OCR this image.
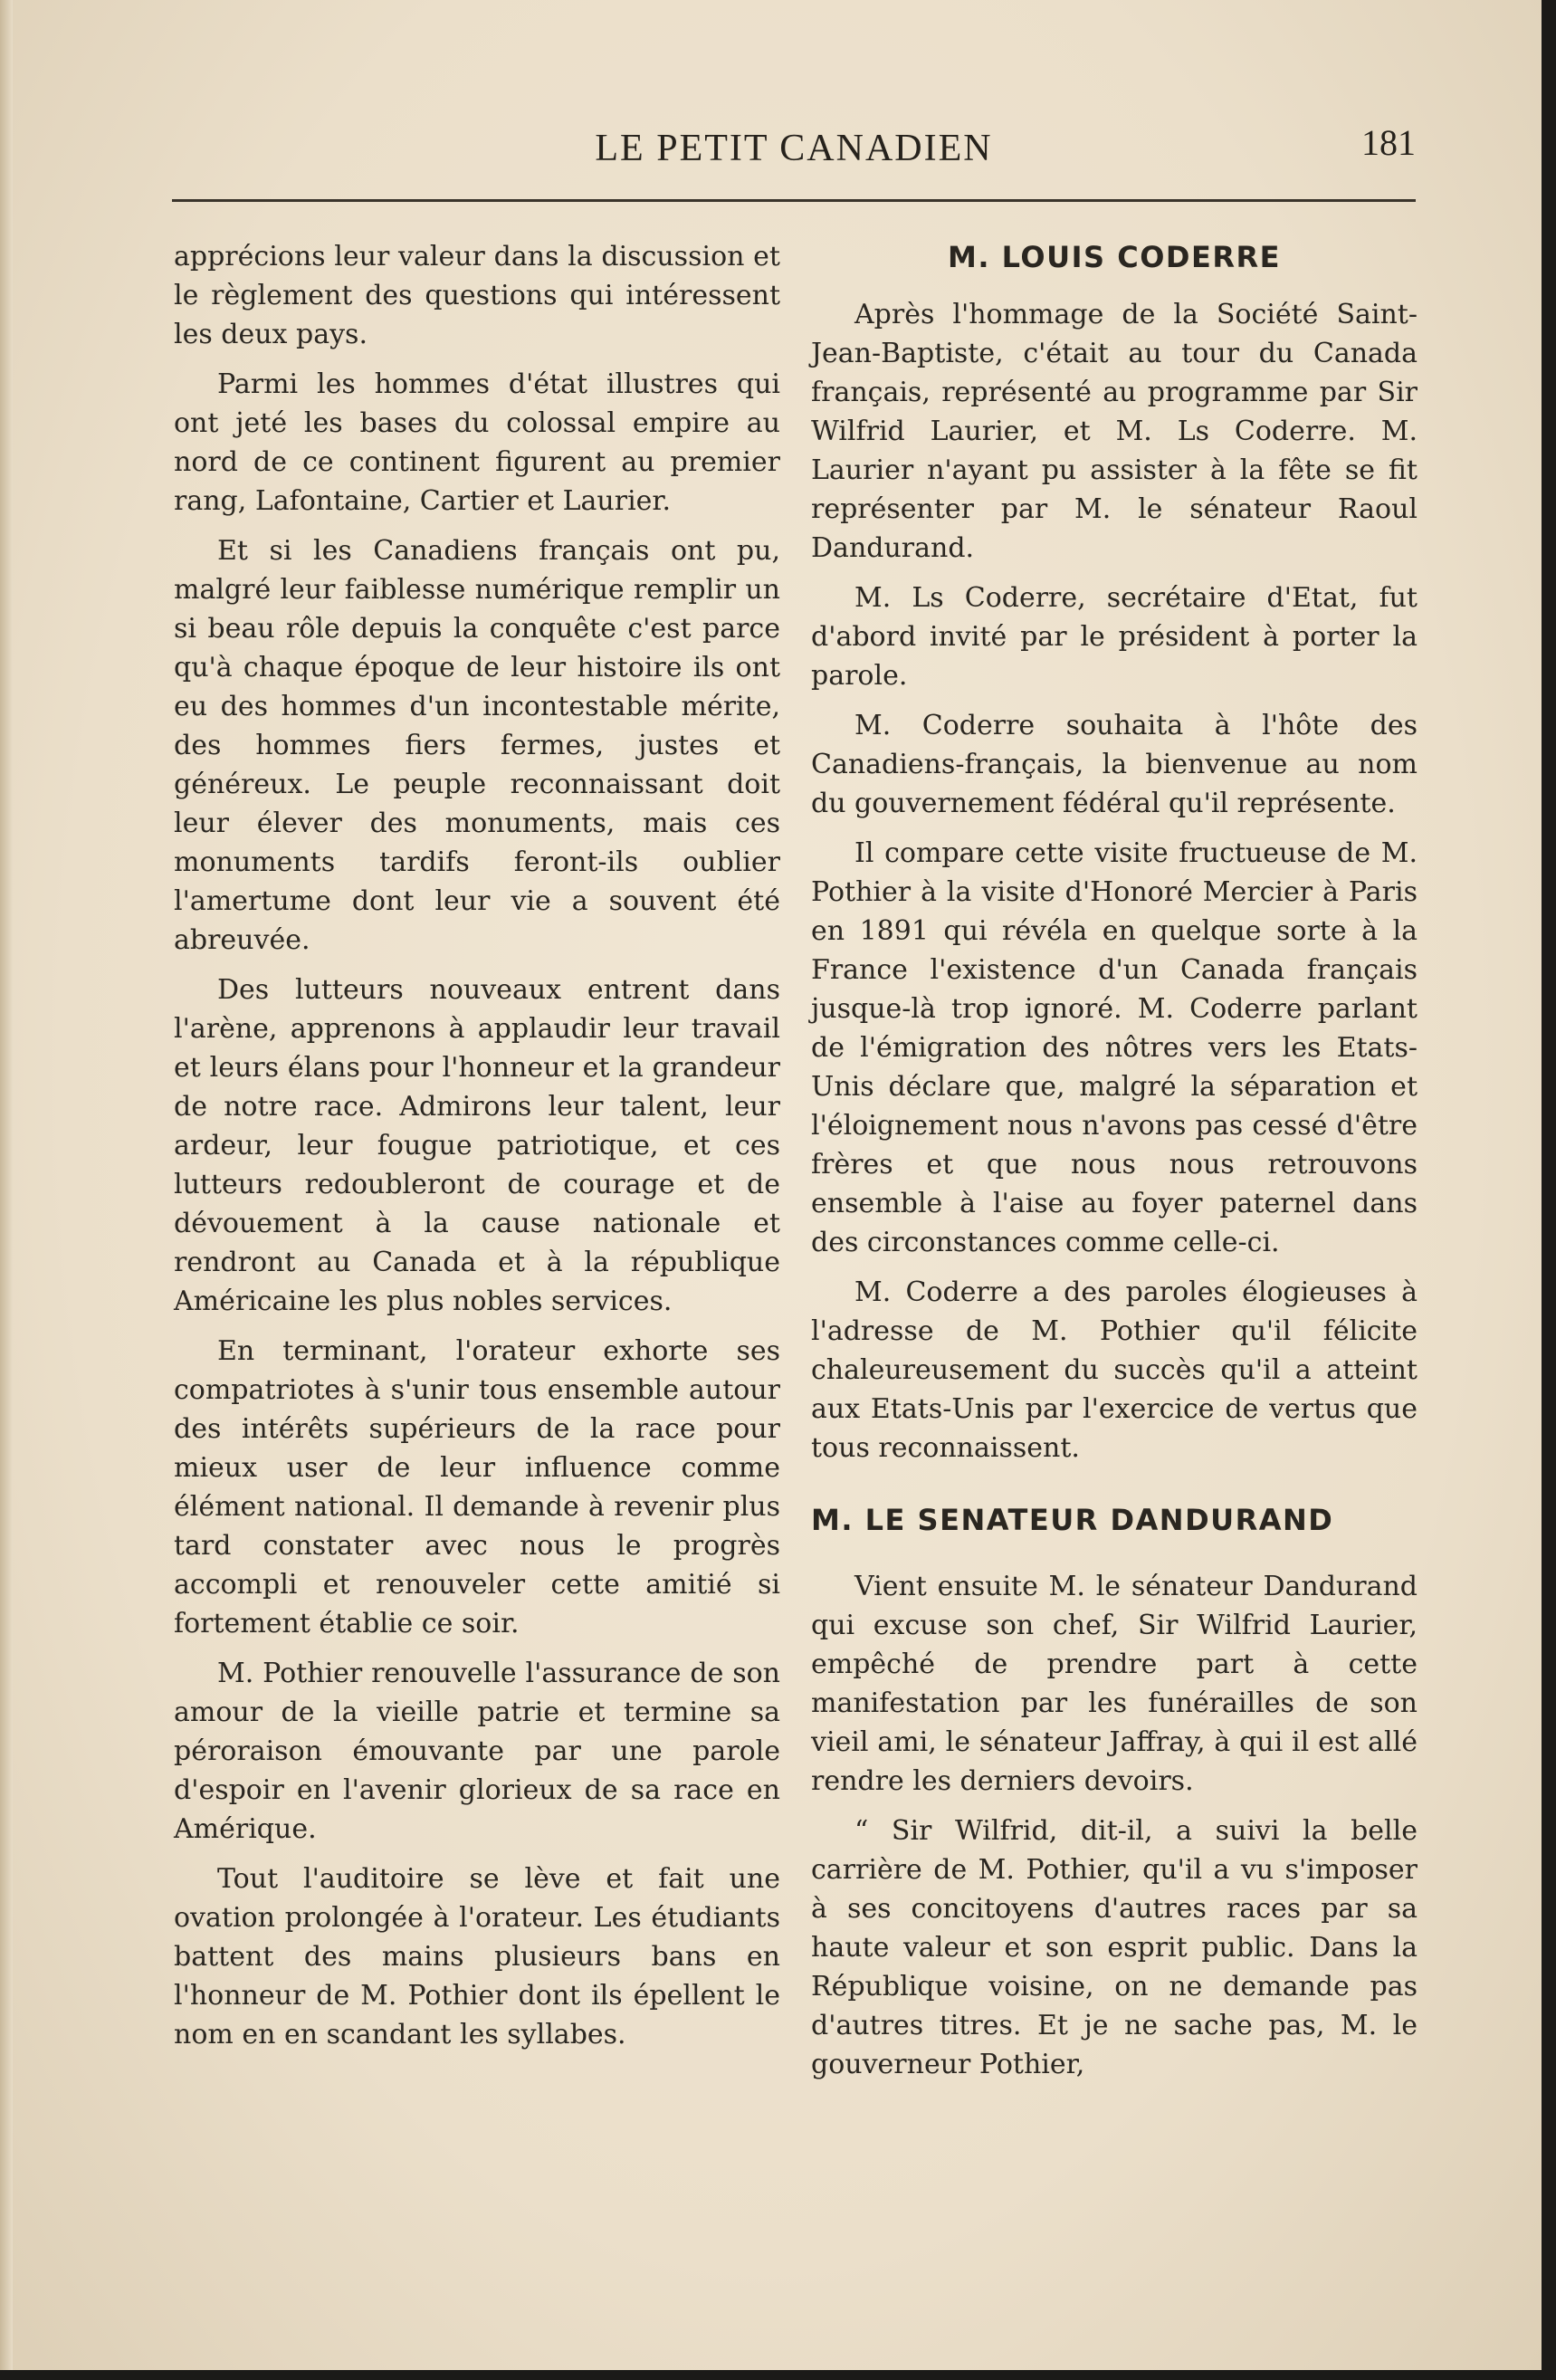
LE PETIT CANADIEN	181

apprécions leur valeur dans la discussion et le règlement des questions qui intéressent les deux pays.

Parmi les hommes d'état illustres qui ont jeté les bases du colossal empire au nord de ce continent figurent au premier rang, Lafontaine, Cartier et Laurier.

Et si les Canadiens français ont pu, malgré leur faiblesse numérique remplir un si beau rôle depuis la conquête c'est parce qu'à chaque époque de leur histoire ils ont eu des hommes d'un incontestable mérite, des hommes fiers fermes, justes et généreux. Le peuple reconnaissant doit leur élever des monuments, mais ces monuments tardifs feront-ils oublier l'amertume dont leur vie a souvent été abreuvée.

Des lutteurs nouveaux entrent dans l'arène, apprenons à applaudir leur travail et leurs élans pour l'honneur et la grandeur de notre race. Admirons leur talent, leur ardeur, leur fougue patriotique, et ces lutteurs redoubleront de courage et de dévouement à la cause nationale et rendront au Canada et à la république Américaine les plus nobles services.

En terminant, l'orateur exhorte ses compatriotes à s'unir tous ensemble autour des intérêts supérieurs de la race pour mieux user de leur influence comme élément national. Il demande à revenir plus tard constater avec nous le progrès accompli et renouveler cette amitié si fortement établie ce soir.

M. Pothier renouvelle l'assurance de son amour de la vieille patrie et termine sa péroraison émouvante par une parole d'espoir en l'avenir glorieux de sa race en Amérique.

Tout l'auditoire se lève et fait une ovation prolongée à l'orateur. Les étudiants battent des mains plusieurs bans en l'honneur de M. Pothier dont ils épellent le nom en en scandant les syllabes.

M. LOUIS CODERRE

Après l'hommage de la Société Saint-Jean-Baptiste, c'était au tour du Canada français, représenté au programme par Sir Wilfrid Laurier, et M. Ls Coderre. M. Laurier n'ayant pu assister à la fête se fit représenter par M. le sénateur Raoul Dandurand.

M. Ls Coderre, secrétaire d'Etat, fut d'abord invité par le président à porter la parole.

M. Coderre souhaita à l'hôte des Canadiens-français, la bienvenue au nom du gouvernement fédéral qu'il représente.

Il compare cette visite fructueuse de M. Pothier à la visite d'Honoré Mercier à Paris en 1891 qui révéla en quelque sorte à la France l'existence d'un Canada français jusque-là trop ignoré. M. Coderre parlant de l'émigration des nôtres vers les Etats-Unis déclare que, malgré la séparation et l'éloignement nous n'avons pas cessé d'être frères et que nous nous retrouvons ensemble à l'aise au foyer paternel dans des circonstances comme celle-ci.

M. Coderre a des paroles élogieuses à l'adresse de M. Pothier qu'il félicite chaleureusement du succès qu'il a atteint aux Etats-Unis par l'exercice de vertus que tous reconnaissent.

M. LE SENATEUR DANDURAND

Vient ensuite M. le sénateur Dandurand qui excuse son chef, Sir Wilfrid Laurier, empêché de prendre part à cette manifestation par les funérailles de son vieil ami, le sénateur Jaffray, à qui il est allé rendre les derniers devoirs.

“ Sir Wilfrid, dit-il, a suivi la belle carrière de M. Pothier, qu'il a vu s'imposer à ses concitoyens d'autres races par sa haute valeur et son esprit public. Dans la République voisine, on ne demande pas d'autres titres. Et je ne sache pas, M. le gouverneur Pothier,
